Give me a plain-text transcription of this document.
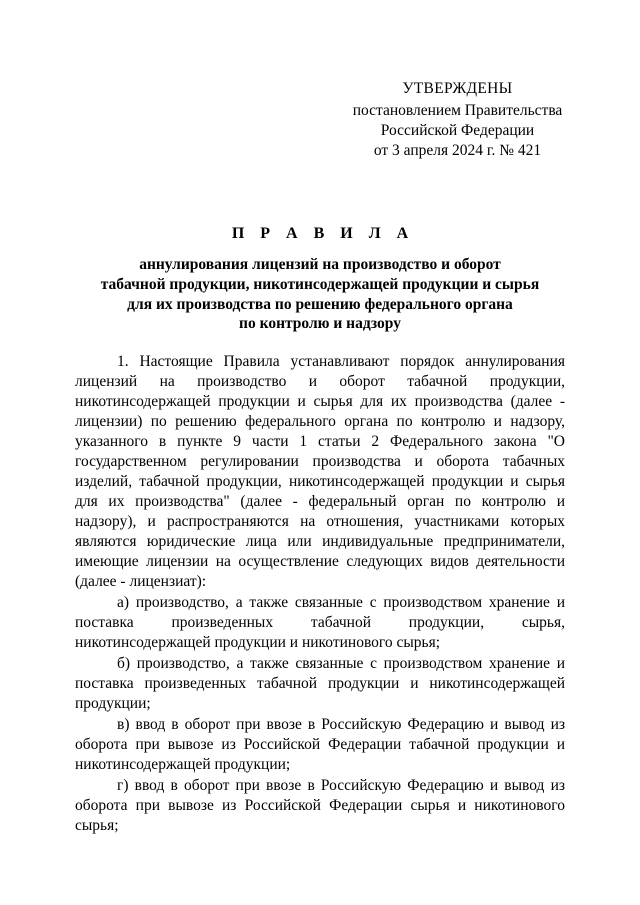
УТВЕРЖДЕНЫ
постановлением Правительства
Российской Федерации
от 3 апреля 2024 г. № 421
П Р А В И Л А
аннулирования лицензий на производство и оборот
табачной продукции, никотинсодержащей продукции и сырья
для их производства по решению федерального органа
по контролю и надзору

1. Настоящие Правила устанавливают порядок аннулирования лицензий на производство и оборот табачной продукции, никотинсодержащей продукции и сырья для их производства (далее - лицензии) по решению федерального органа по контролю и надзору, указанного в пункте 9 части 1 статьи 2 Федерального закона "О государственном регулировании производства и оборота табачных изделий, табачной продукции, никотинсодержащей продукции и сырья для их производства" (далее - федеральный орган по контролю и надзору), и распространяются на отношения, участниками которых являются юридические лица или индивидуальные предприниматели, имеющие лицензии на осуществление следующих видов деятельности (далее - лицензиат):

а) производство, а также связанные с производством хранение и поставка произведенных табачной продукции, сырья, никотинсодержащей продукции и никотинового сырья;

б) производство, а также связанные с производством хранение и поставка произведенных табачной продукции и никотинсодержащей продукции;

в) ввод в оборот при ввозе в Российскую Федерацию и вывод из оборота при вывозе из Российской Федерации табачной продукции и никотинсодержащей продукции;

г) ввод в оборот при ввозе в Российскую Федерацию и вывод из оборота при вывозе из Российской Федерации сырья и никотинового сырья;
